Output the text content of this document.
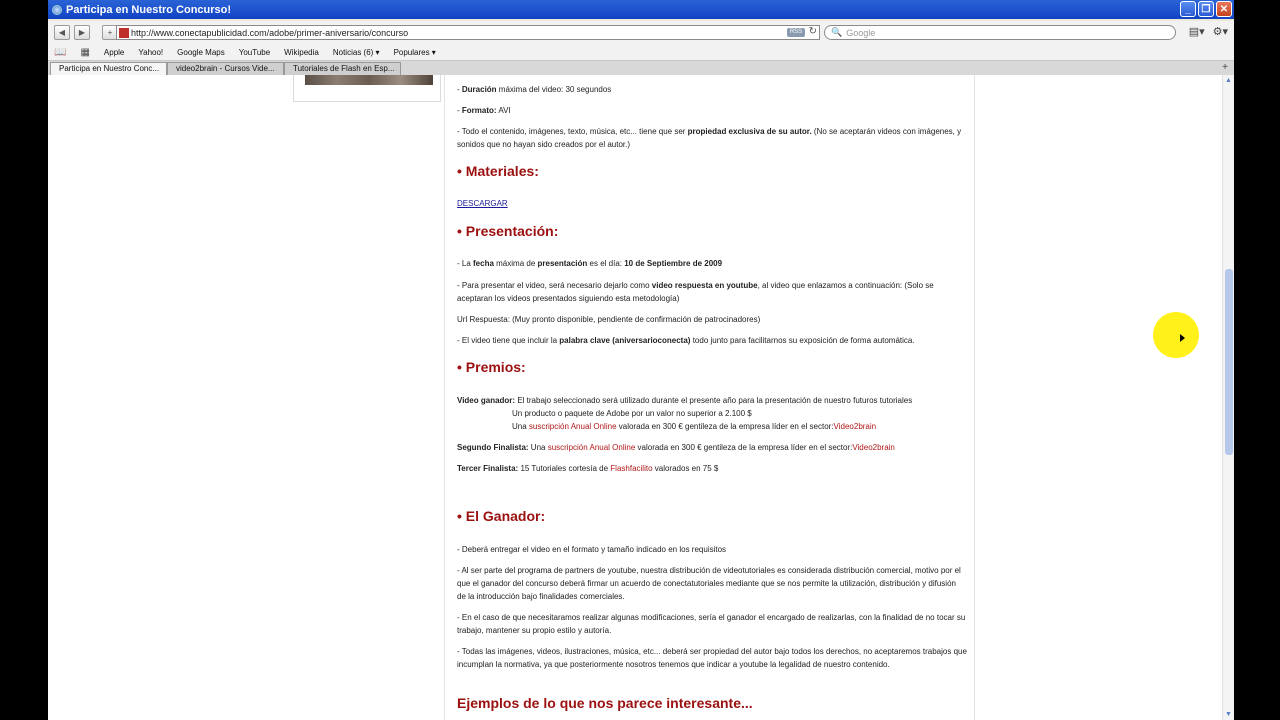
Participa en Nuestro Concurso!	_	❐ ✕
◀	▶	+	http://www.conectapublicidad.com/adobe/primer-aniversario/concurso	RSS ↻ 🔍 Google	▤▾ ⚙▾
📖 ▦ Apple Yahoo! Google Maps YouTube Wikipedia Noticias (6) ▾ Populares ▾
Participa en Nuestro Conc...	video2brain - Cursos Vide...	Tutoriales de Flash en Esp...	+
- Duración máxima del video: 30 segundos
- Formato: AVI
- Todo el contenido, imágenes, texto, música, etc... tiene que ser propiedad exclusiva de su autor. (No se aceptarán videos con imágenes, y sonidos que no hayan sido creados por el autor.)
• Materiales:
DESCARGAR
• Presentación:
- La fecha máxima de presentación es el día: 10 de Septiembre de 2009
- Para presentar el video, será necesario dejarlo como video respuesta en youtube, al video que enlazamos a continuación: (Solo se aceptaran los videos presentados siguiendo esta metodología)
Url Respuesta: (Muy pronto disponible, pendiente de confirmación de patrocinadores)
- El video tiene que incluir la palabra clave (aniversarioconecta) todo junto para facilitarnos su exposición de forma automática.
• Premios:
Video ganador: El trabajo seleccionado será utilizado durante el presente año para la presentación de nuestro futuros tutoriales
Un producto o paquete de Adobe por un valor no superior a 2.100 $
Una suscripción Anual Online valorada en 300 € gentileza de la empresa líder en el sector:Video2brain
Segundo Finalista: Una suscripción Anual Online valorada en 300 € gentileza de la empresa líder en el sector:Video2brain
Tercer Finalista: 15 Tutoriales cortesía de Flashfacilito valorados en 75 $
• El Ganador:
- Deberá entregar el video en el formato y tamaño indicado en los requisitos
- Al ser parte del programa de partners de youtube, nuestra distribución de videotutoriales es considerada distribución comercial, motivo por el que el ganador del concurso deberá firmar un acuerdo de conectatutoriales mediante que se nos permite la utilización, distribución y difusión de la introducción bajo finalidades comerciales.
- En el caso de que necesitaramos realizar algunas modificaciones, sería el ganador el encargado de realizarlas, con la finalidad de no tocar su trabajo, mantener su propio estilo y autoría.
- Todas las imágenes, videos, ilustraciones, música, etc... deberá ser propiedad del autor bajo todos los derechos, no aceptaremos trabajos que incumplan la normativa, ya que posteriormente nosotros tenemos que indicar a youtube la legalidad de nuestro contenido.
Ejemplos de lo que nos parece interesante...
▲
▼
